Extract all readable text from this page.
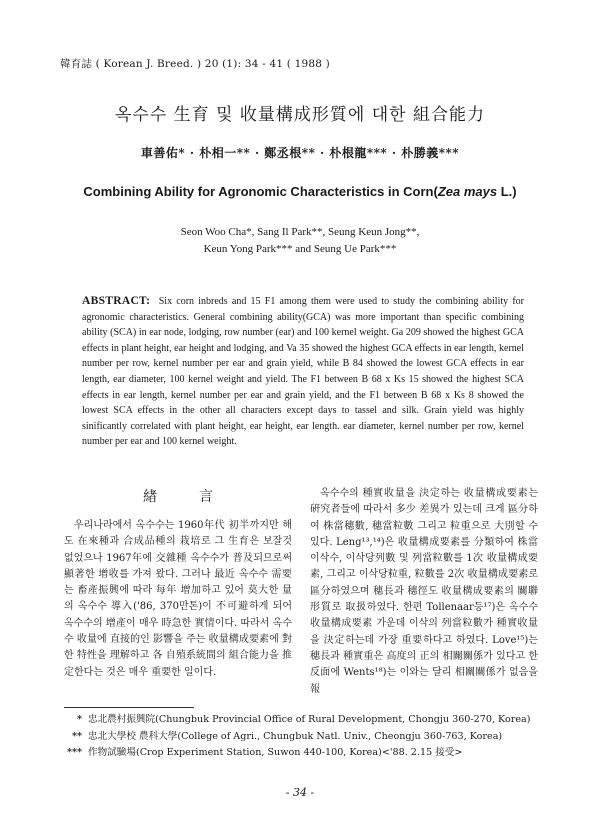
韓育誌 ( Korean J. Breed. ) 20 (1): 34 - 41 ( 1988 )
옥수수 生育 및 收量構成形質에 대한 組合能力
車善佑* · 朴相一** · 鄭丞根** · 朴根龍*** · 朴勝義***
Combining Ability for Agronomic Characteristics in Corn(Zea mays L.)
Seon Woo Cha*, Sang Il Park**, Seung Keun Jong**,
Keun Yong Park*** and Seung Ue Park***
ABSTRACT: Six corn inbreds and 15 F1 among them were used to study the combining ability for agronomic characteristics. General combining ability(GCA) was more important than specific combining ability (SCA) in ear node, lodging, row number (ear) and 100 kernel weight. Ga 209 showed the highest GCA effects in plant height, ear height and lodging, and Va 35 showed the highest GCA effects in ear length, kernel number per row, kernel number per ear and grain yield, while B 84 showed the lowest GCA effects in ear length, ear diameter, 100 kernel weight and yield. The F1 between B 68 x Ks 15 showed the highest SCA effects in ear length, kernel number per ear and grain yield, and the F1 between B 68 x Ks 8 showed the lowest SCA effects in the other all characters except days to tassel and silk. Grain yield was highly sinificantly correlated with plant height, ear height, ear length. ear diameter, kernel number per row, kernel number per ear and 100 kernel weight.
緖言

우리나라에서 옥수수는 1960年代 初半까지만 해도 在來種과 合成品種의 栽培로 그 生育은 보잘것 없었으나 1967年에 交雜種 옥수수가 普及되므로써 顯著한 增收를 가져 왔다. 그러나 最近 옥수수 需要는 畜產振興에 따라 每年 增加하고 있어 莫大한 量의 옥수수 導入('86, 370만톤)이 不可避하게 되어 옥수수의 增產이 매우 時急한 實情이다. 따라서 옥수수 收量에 直接的인 影響을 주는 收量構成要素에 對한 特性을 理解하고 各 自殖系統間의 組合能力을 推定한다는 것은 매우 重要한 일이다.

옥수수의 種實收量을 決定하는 收量構成要素는 硏究者들에 따라서 多少 差異가 있는데 크게 區分하여 株當穗數, 穗當粒數 그리고 粒重으로 大別할 수 있다. Leng¹³,¹⁴)은 收量構成要素를 分類하여 株當이삭수, 이삭당列數 및 列當粒數를 1次 收量構成要素, 그리고 이삭당粒重, 粒數를 2次 收量構成要素로 區分하였으며 穗長과 穗徑도 收量構成要素의 關聯形質로 取扱하였다. 한편 Tollenaar등¹⁷)은 옥수수 收量構成要素 가운데 이삭의 列當粒數가 種實收量을 決定하는데 가장 重要하다고 하였다. Love¹⁵)는 穗長과 種實重은 高度의 正의 相關關係가 있다고 한 反面에 Wents¹⁸)는 이와는 달리 相關關係가 없음을 報

* 忠北農村振興院(Chungbuk Provincial Office of Rural Development, Chongju 360-270, Korea)
** 忠北大學校 農科大學(College of Agri., Chungbuk Natl. Univ., Cheongju 360-763, Korea)
*** 作物試驗場(Crop Experiment Station, Suwon 440-100, Korea)<'88. 2.15 接受>
- 34 -
